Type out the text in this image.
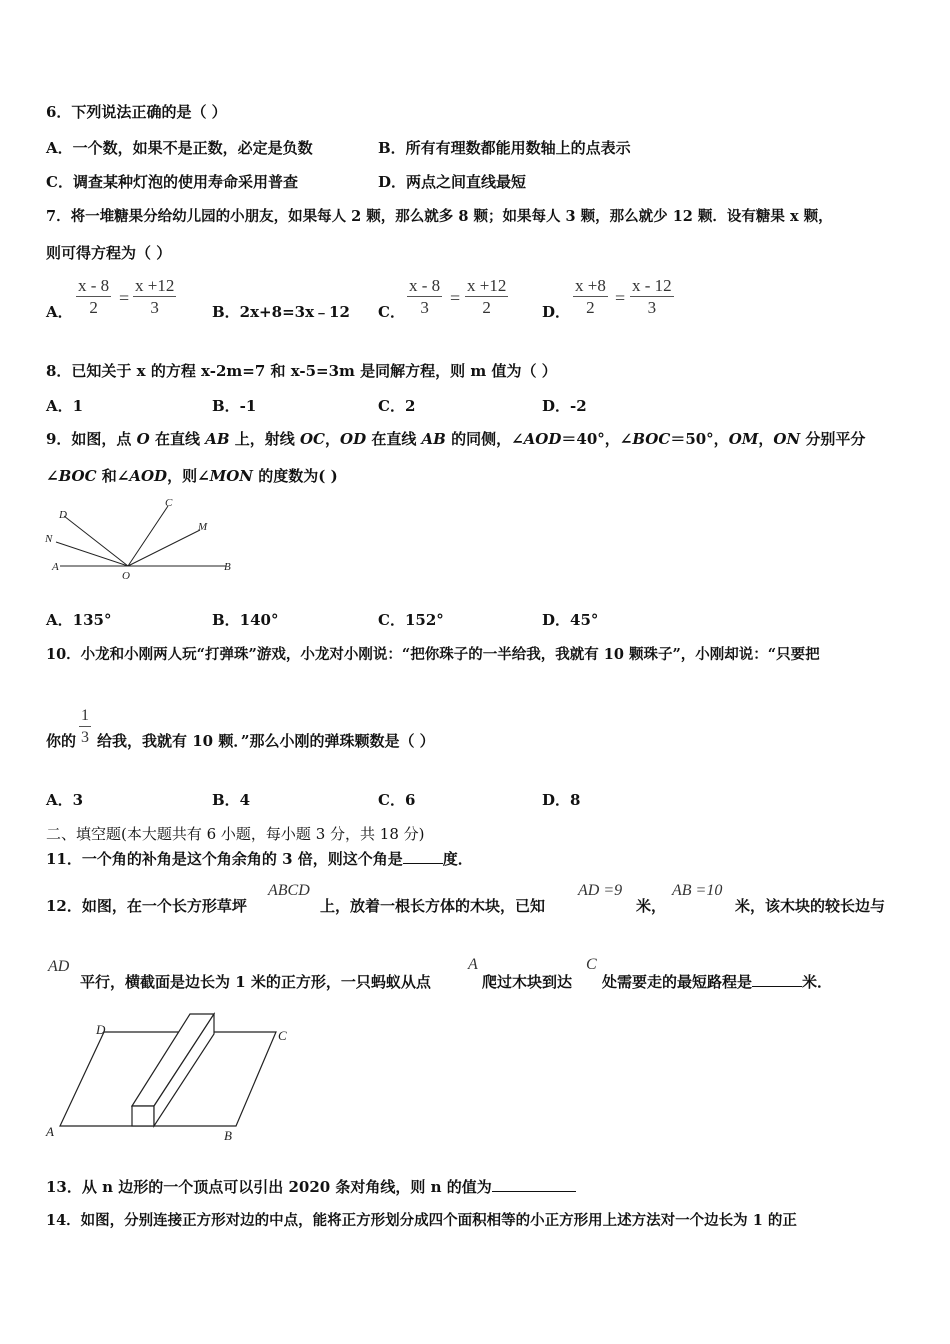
6．下列说法正确的是（ ）
A．一个数，如果不是正数，必定是负数	B．所有有理数都能用数轴上的点表示
C．调查某种灯泡的使用寿命采用普查	D．两点之间直线最短
7．将一堆糖果分给幼儿园的小朋友，如果每人 2 颗，那么就多 8 颗；如果每人 3 颗，那么就少 12 颗．设有糖果 x 颗，
则可得方程为（ ）
A． $\frac{x - 8}{2} = \frac{x +12}{3}$ B．2x+8=3x﹣12 C． $\frac{x - 8}{3} = \frac{x +12}{2}$ D． $\frac{x +8}{2} = \frac{x - 12}{3}$
8．已知关于 x 的方程 x-2m=7 和 x-5=3m 是同解方程，则 m 值为（ ）
A．1	B．-1	C．2	D．-2
9．如图，点 O 在直线 AB 上，射线 OC，OD 在直线 AB 的同侧，∠AOD＝40°，∠BOC＝50°，OM，ON 分别平分
∠BOC 和∠AOD，则∠MON 的度数为( )
D
C
M
N
A
O
B
A．135°	B．140°	C．152°	D．45°
10．小龙和小刚两人玩“打弹珠”游戏，小龙对小刚说：“把你珠子的一半给我，我就有 10 颗珠子”，小刚却说：“只要把
你的 $\frac{1}{3}$ 给我，我就有 10 颗．”那么小刚的弹珠颗数是（ ）
A．3	B．4	C．6	D．8
二、填空题(本大题共有 6 小题，每小题 3 分，共 18 分)
11．一个角的补角是这个角余角的 3 倍，则这个角是	度．
12．如图，在一个长方形草坪
ABCD
上，放着一根长方体的木块，已知
AD =9
米，
AB =10
米，该木块的较长边与
AD
平行，横截面是边长为 1 米的正方形，一只蚂蚁从点
A
爬过木块到达
C
处需要走的最短路程是	米．
D	C
A	B
13．从 n 边形的一个顶点可以引出 2020 条对角线，则 n 的值为
14．如图，分别连接正方形对边的中点，能将正方形划分成四个面积相等的小正方形用上述方法对一个边长为 1 的正
